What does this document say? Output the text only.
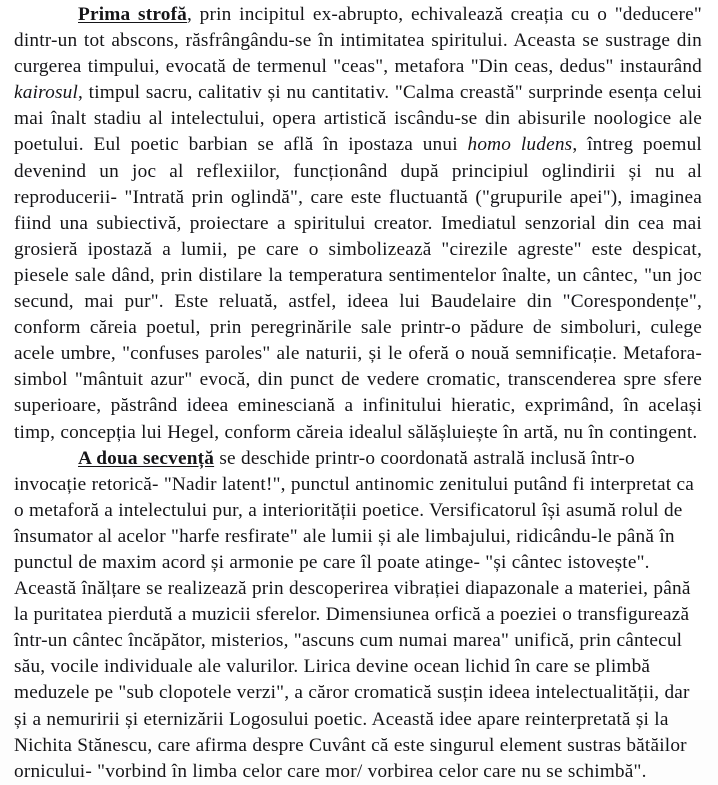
Prima strofă, prin incipitul ex-abrupto, echivalează creația cu o "deducere" dintr-un tot abscons, răsfrângându-se în intimitatea spiritului. Aceasta se sustrage din curgerea timpului, evocată de termenul "ceas", metafora "Din ceas, dedus" instaurând kairosul, timpul sacru, calitativ și nu cantitativ. "Calma creastă" surprinde esența celui mai înalt stadiu al intelectului, opera artistică iscându-se din abisurile noologice ale poetului. Eul poetic barbian se află în ipostaza unui homo ludens, întreg poemul devenind un joc al reflexiilor, funcționând după principiul oglindirii și nu al reproducerii- "Intrată prin oglindă", care este fluctuantă ("grupurile apei"), imaginea fiind una subiectivă, proiectare a spiritului creator. Imediatul senzorial din cea mai grosieră ipostază a lumii, pe care o simbolizează "cirezile agreste" este despicat, piesele sale dând, prin distilare la temperatura sentimentelor înalte, un cântec, "un joc secund, mai pur". Este reluată, astfel, ideea lui Baudelaire din "Corespondențe", conform căreia poetul, prin peregrinările sale printr-o pădure de simboluri, culege acele umbre, "confuses paroles" ale naturii, și le oferă o nouă semnificație. Metafora-simbol "mântuit azur" evocă, din punct de vedere cromatic, transcenderea spre sfere superioare, păstrând ideea eminesciană a infinitului hieratic, exprimând, în același timp, concepția lui Hegel, conform căreia idealul sălășluiește în artă, nu în contingent.

A doua secvență se deschide printr-o coordonată astrală inclusă într-o invocație retorică- "Nadir latent!", punctul antinomic zenitului putând fi interpretat ca o metaforă a intelectului pur, a interiorității poetice. Versificatorul își asumă rolul de însumator al acelor "harfe resfirate" ale lumii și ale limbajului, ridicându-le până în punctul de maxim acord și armonie pe care îl poate atinge- "și cântec istovește". Această înălțare se realizează prin descoperirea vibrației diapazonale a materiei, până la puritatea pierdută a muzicii sferelor. Dimensiunea orfică a poeziei o transfigurează într-un cântec încăpător, misterios, "ascuns cum numai marea" unifică, prin cântecul său, vocile individuale ale valurilor. Lirica devine ocean lichid în care se plimbă meduzele pe "sub clopotele verzi", a căror cromatică susțin ideea intelectualității, dar și a nemuririi și eternizării Logosului poetic. Această idee apare reinterpretată și la Nichita Stănescu, care afirma despre Cuvânt că este singurul element sustras bătăilor ornicului- "vorbind în limba celor care mor/ vorbirea celor care nu se schimbă".
